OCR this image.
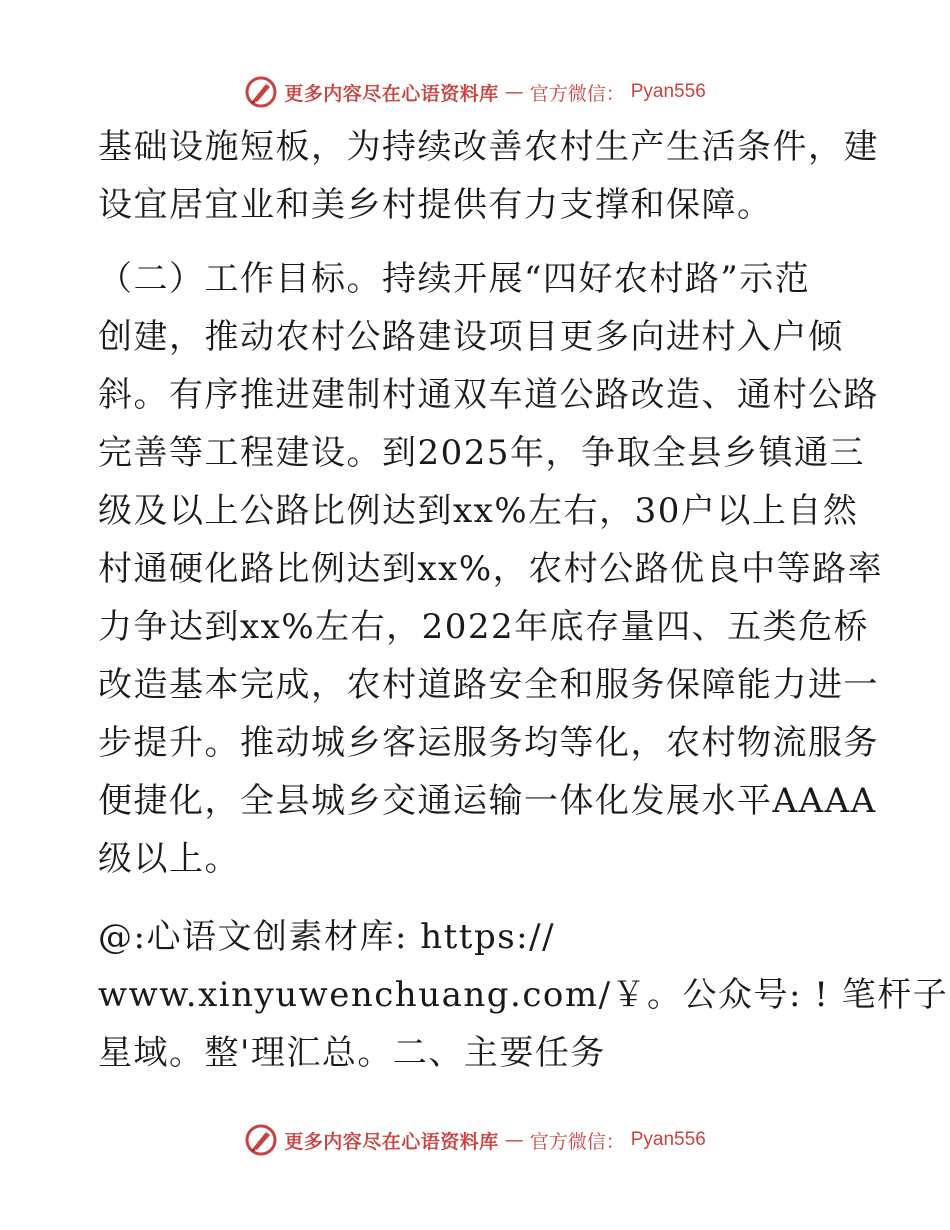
更多内容尽在心语资料库 — 官方微信： Pyan556
基础设施短板，为持续改善农村生产生活条件，建
设宜居宜业和美乡村提供有力支撑和保障。
（二）工作目标。持续开展“四好农村路”示范
创建，推动农村公路建设项目更多向进村入户倾
斜。有序推进建制村通双车道公路改造、通村公路
完善等工程建设。到2025年，争取全县乡镇通三
级及以上公路比例达到xx%左右，30户以上自然
村通硬化路比例达到xx%，农村公路优良中等路率
力争达到xx%左右，2022年底存量四、五类危桥
改造基本完成，农村道路安全和服务保障能力进一
步提升。推动城乡客运服务均等化，农村物流服务
便捷化，全县城乡交通运输一体化发展水平AAAA
级以上。
@:心语文创素材库: https://
www.xinyuwenchuang.com/￥。公众号: ! 笔杆子
星域。整'理汇总。二、主要任务
更多内容尽在心语资料库 — 官方微信： Pyan556
